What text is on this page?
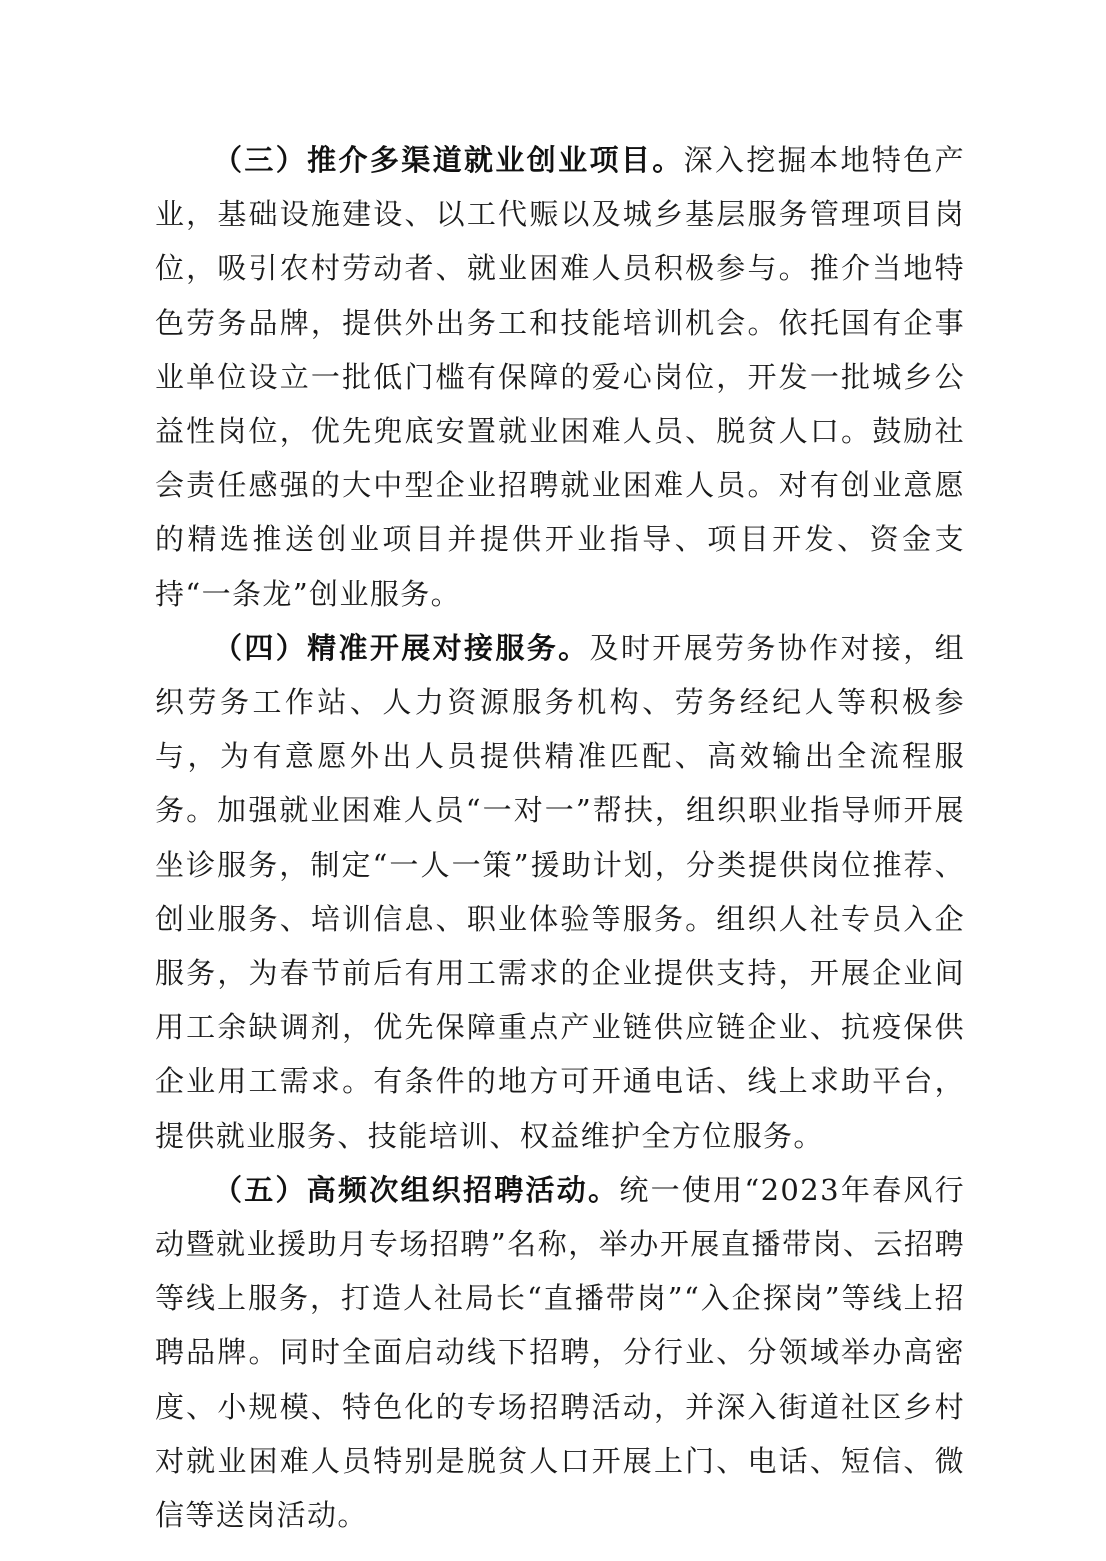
（三）推介多渠道就业创业项目。深入挖掘本地特色产业，基础设施建设、以工代赈以及城乡基层服务管理项目岗位，吸引农村劳动者、就业困难人员积极参与。推介当地特色劳务品牌，提供外出务工和技能培训机会。依托国有企事业单位设立一批低门槛有保障的爱心岗位，开发一批城乡公益性岗位，优先兜底安置就业困难人员、脱贫人口。鼓励社会责任感强的大中型企业招聘就业困难人员。对有创业意愿的精选推送创业项目并提供开业指导、项目开发、资金支持“一条龙”创业服务。

（四）精准开展对接服务。及时开展劳务协作对接，组织劳务工作站、人力资源服务机构、劳务经纪人等积极参与，为有意愿外出人员提供精准匹配、高效输出全流程服务。加强就业困难人员“一对一”帮扶，组织职业指导师开展坐诊服务，制定“一人一策”援助计划，分类提供岗位推荐、创业服务、培训信息、职业体验等服务。组织人社专员入企服务，为春节前后有用工需求的企业提供支持，开展企业间用工余缺调剂，优先保障重点产业链供应链企业、抗疫保供企业用工需求。有条件的地方可开通电话、线上求助平台，提供就业服务、技能培训、权益维护全方位服务。

（五）高频次组织招聘活动。统一使用“2023年春风行动暨就业援助月专场招聘”名称，举办开展直播带岗、云招聘等线上服务，打造人社局长“直播带岗”“入企探岗”等线上招聘品牌。同时全面启动线下招聘，分行业、分领域举办高密度、小规模、特色化的专场招聘活动，并深入街道社区乡村对就业困难人员特别是脱贫人口开展上门、电话、短信、微信等送岗活动。
